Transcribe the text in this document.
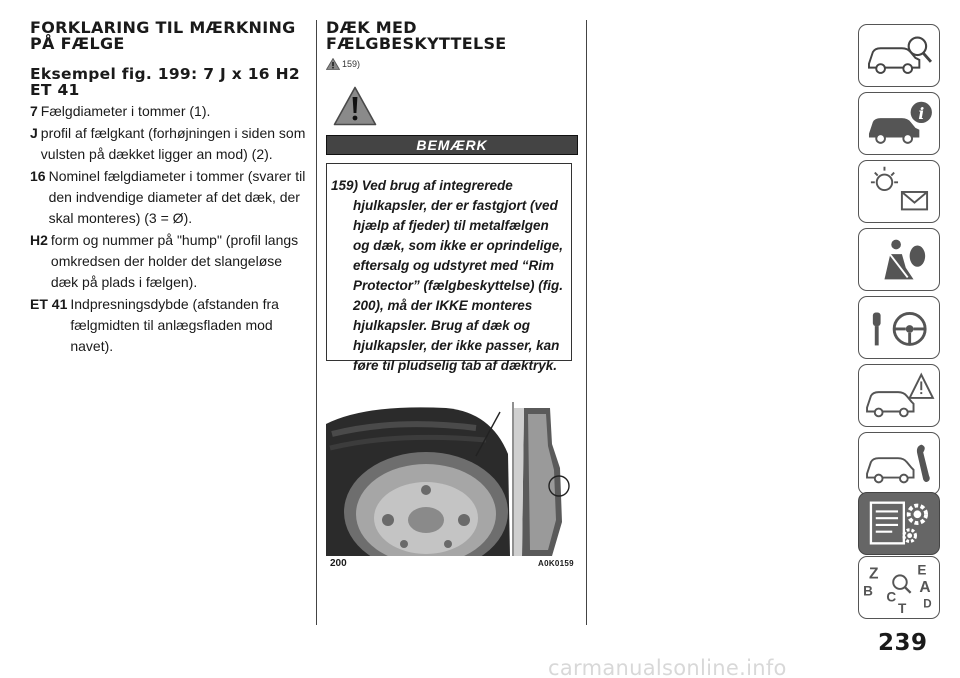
FORKLARING TIL MÆRKNING PÅ FÆLGE
Eksempel fig. 199: 7 J x 16 H2 ET 41
7 Fælgdiameter i tommer (1).
J profil af fælgkant (forhøjningen i siden som vulsten på dækket ligger an mod) (2).
16 Nominel fælgdiameter i tommer (svarer til den indvendige diameter af det dæk, der skal monteres) (3 = Ø).
H2 form og nummer på "hump" (profil langs omkredsen der holder det slangeløse dæk på plads i fælgen).
ET 41 Indpresningsdybde (afstanden fra fælgmidten til anlægsfladen mod navet).
DÆK MED FÆLGBESKYTTELSE
159)
BEMÆRK
159) Ved brug af integrerede hjulkapsler, der er fastgjort (ved hjælp af fjeder) til metalfælgen og dæk, som ikke er oprindelige, eftersalg og udstyret med “Rim Protector” (fælgbeskyttelse) (fig. 200), må der IKKE monteres hjulkapsler. Brug af dæk og hjulkapsler, der ikke passer, kan føre til pludselig tab af dæktryk.
200	A0K0159
i
Z	E
B	A
C
T D
239
carmanualsonline.info
